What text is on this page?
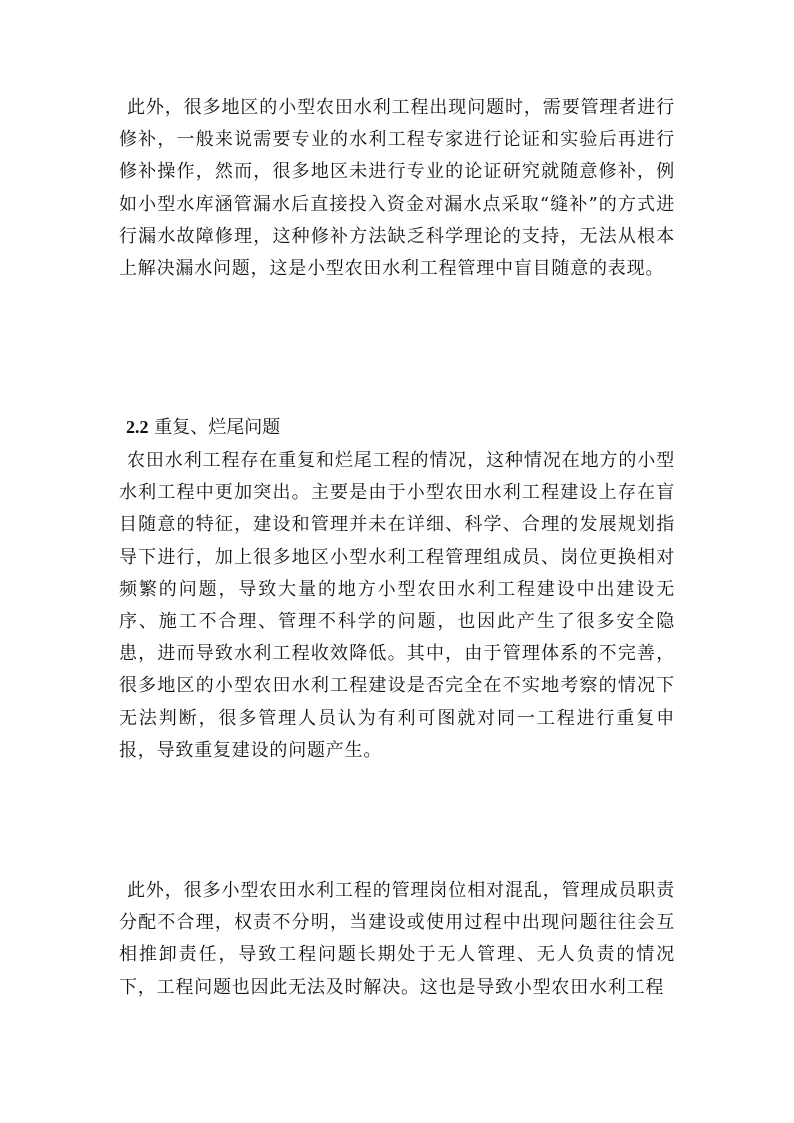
此外，很多地区的小型农田水利工程出现问题时，需要管理者进行修补，一般来说需要专业的水利工程专家进行论证和实验后再进行修补操作，然而，很多地区未进行专业的论证研究就随意修补，例如小型水库涵管漏水后直接投入资金对漏水点采取“缝补”的方式进行漏水故障修理，这种修补方法缺乏科学理论的支持，无法从根本上解决漏水问题，这是小型农田水利工程管理中盲目随意的表现。

2.2 重复、烂尾问题

农田水利工程存在重复和烂尾工程的情况，这种情况在地方的小型水利工程中更加突出。主要是由于小型农田水利工程建设上存在盲目随意的特征，建设和管理并未在详细、科学、合理的发展规划指导下进行，加上很多地区小型水利工程管理组成员、岗位更换相对频繁的问题，导致大量的地方小型农田水利工程建设中出建设无序、施工不合理、管理不科学的问题，也因此产生了很多安全隐患，进而导致水利工程收效降低。其中，由于管理体系的不完善，很多地区的小型农田水利工程建设是否完全在不实地考察的情况下无法判断，很多管理人员认为有利可图就对同一工程进行重复申报，导致重复建设的问题产生。

此外，很多小型农田水利工程的管理岗位相对混乱，管理成员职责分配不合理，权责不分明，当建设或使用过程中出现问题往往会互相推卸责任，导致工程问题长期处于无人管理、无人负责的情况下，工程问题也因此无法及时解决。这也是导致小型农田水利工程
